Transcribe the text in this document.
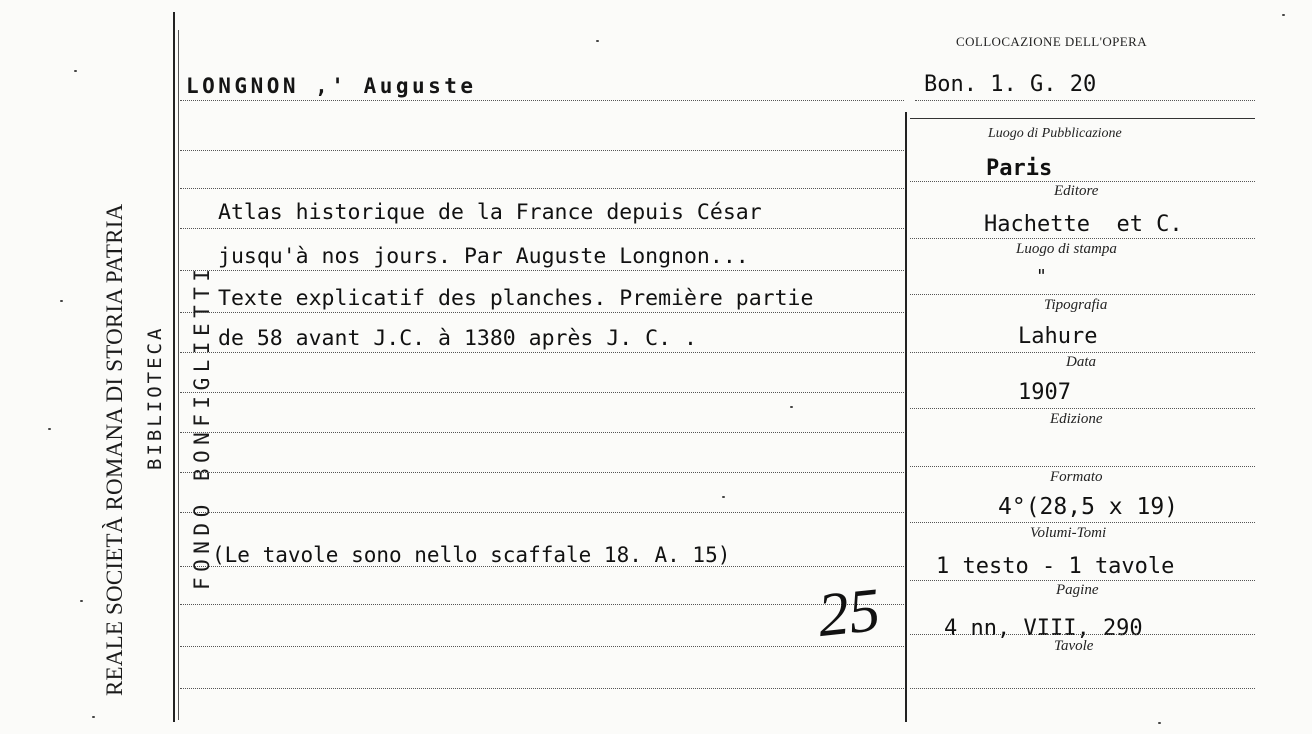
REALE SOCIETÀ ROMANA DI STORIA PATRIA BIBLIOTECA FONDO BONFIGLIETTI
COLLOCAZIONE DELL'OPERA
Bon. 1. G. 20
LONGNON ,' Auguste
Atlas historique de la France depuis César
jusqu'à nos jours. Par Auguste Longnon...
Texte explicatif des planches. Première partie
de 58 avant J.C. à 1380 après J. C. .
(Le tavole sono nello scaffale 18. A. 15)
25
Luogo di Pubblicazione
Paris
Editore
Hachette  et C.
Luogo di stampa
"
Tipografia
Lahure
Data
1907
Edizione
Formato
4°(28,5 x 19)
Volumi-Tomi
1 testo - 1 tavole
Pagine
4 nn, VIII, 290
Tavole
